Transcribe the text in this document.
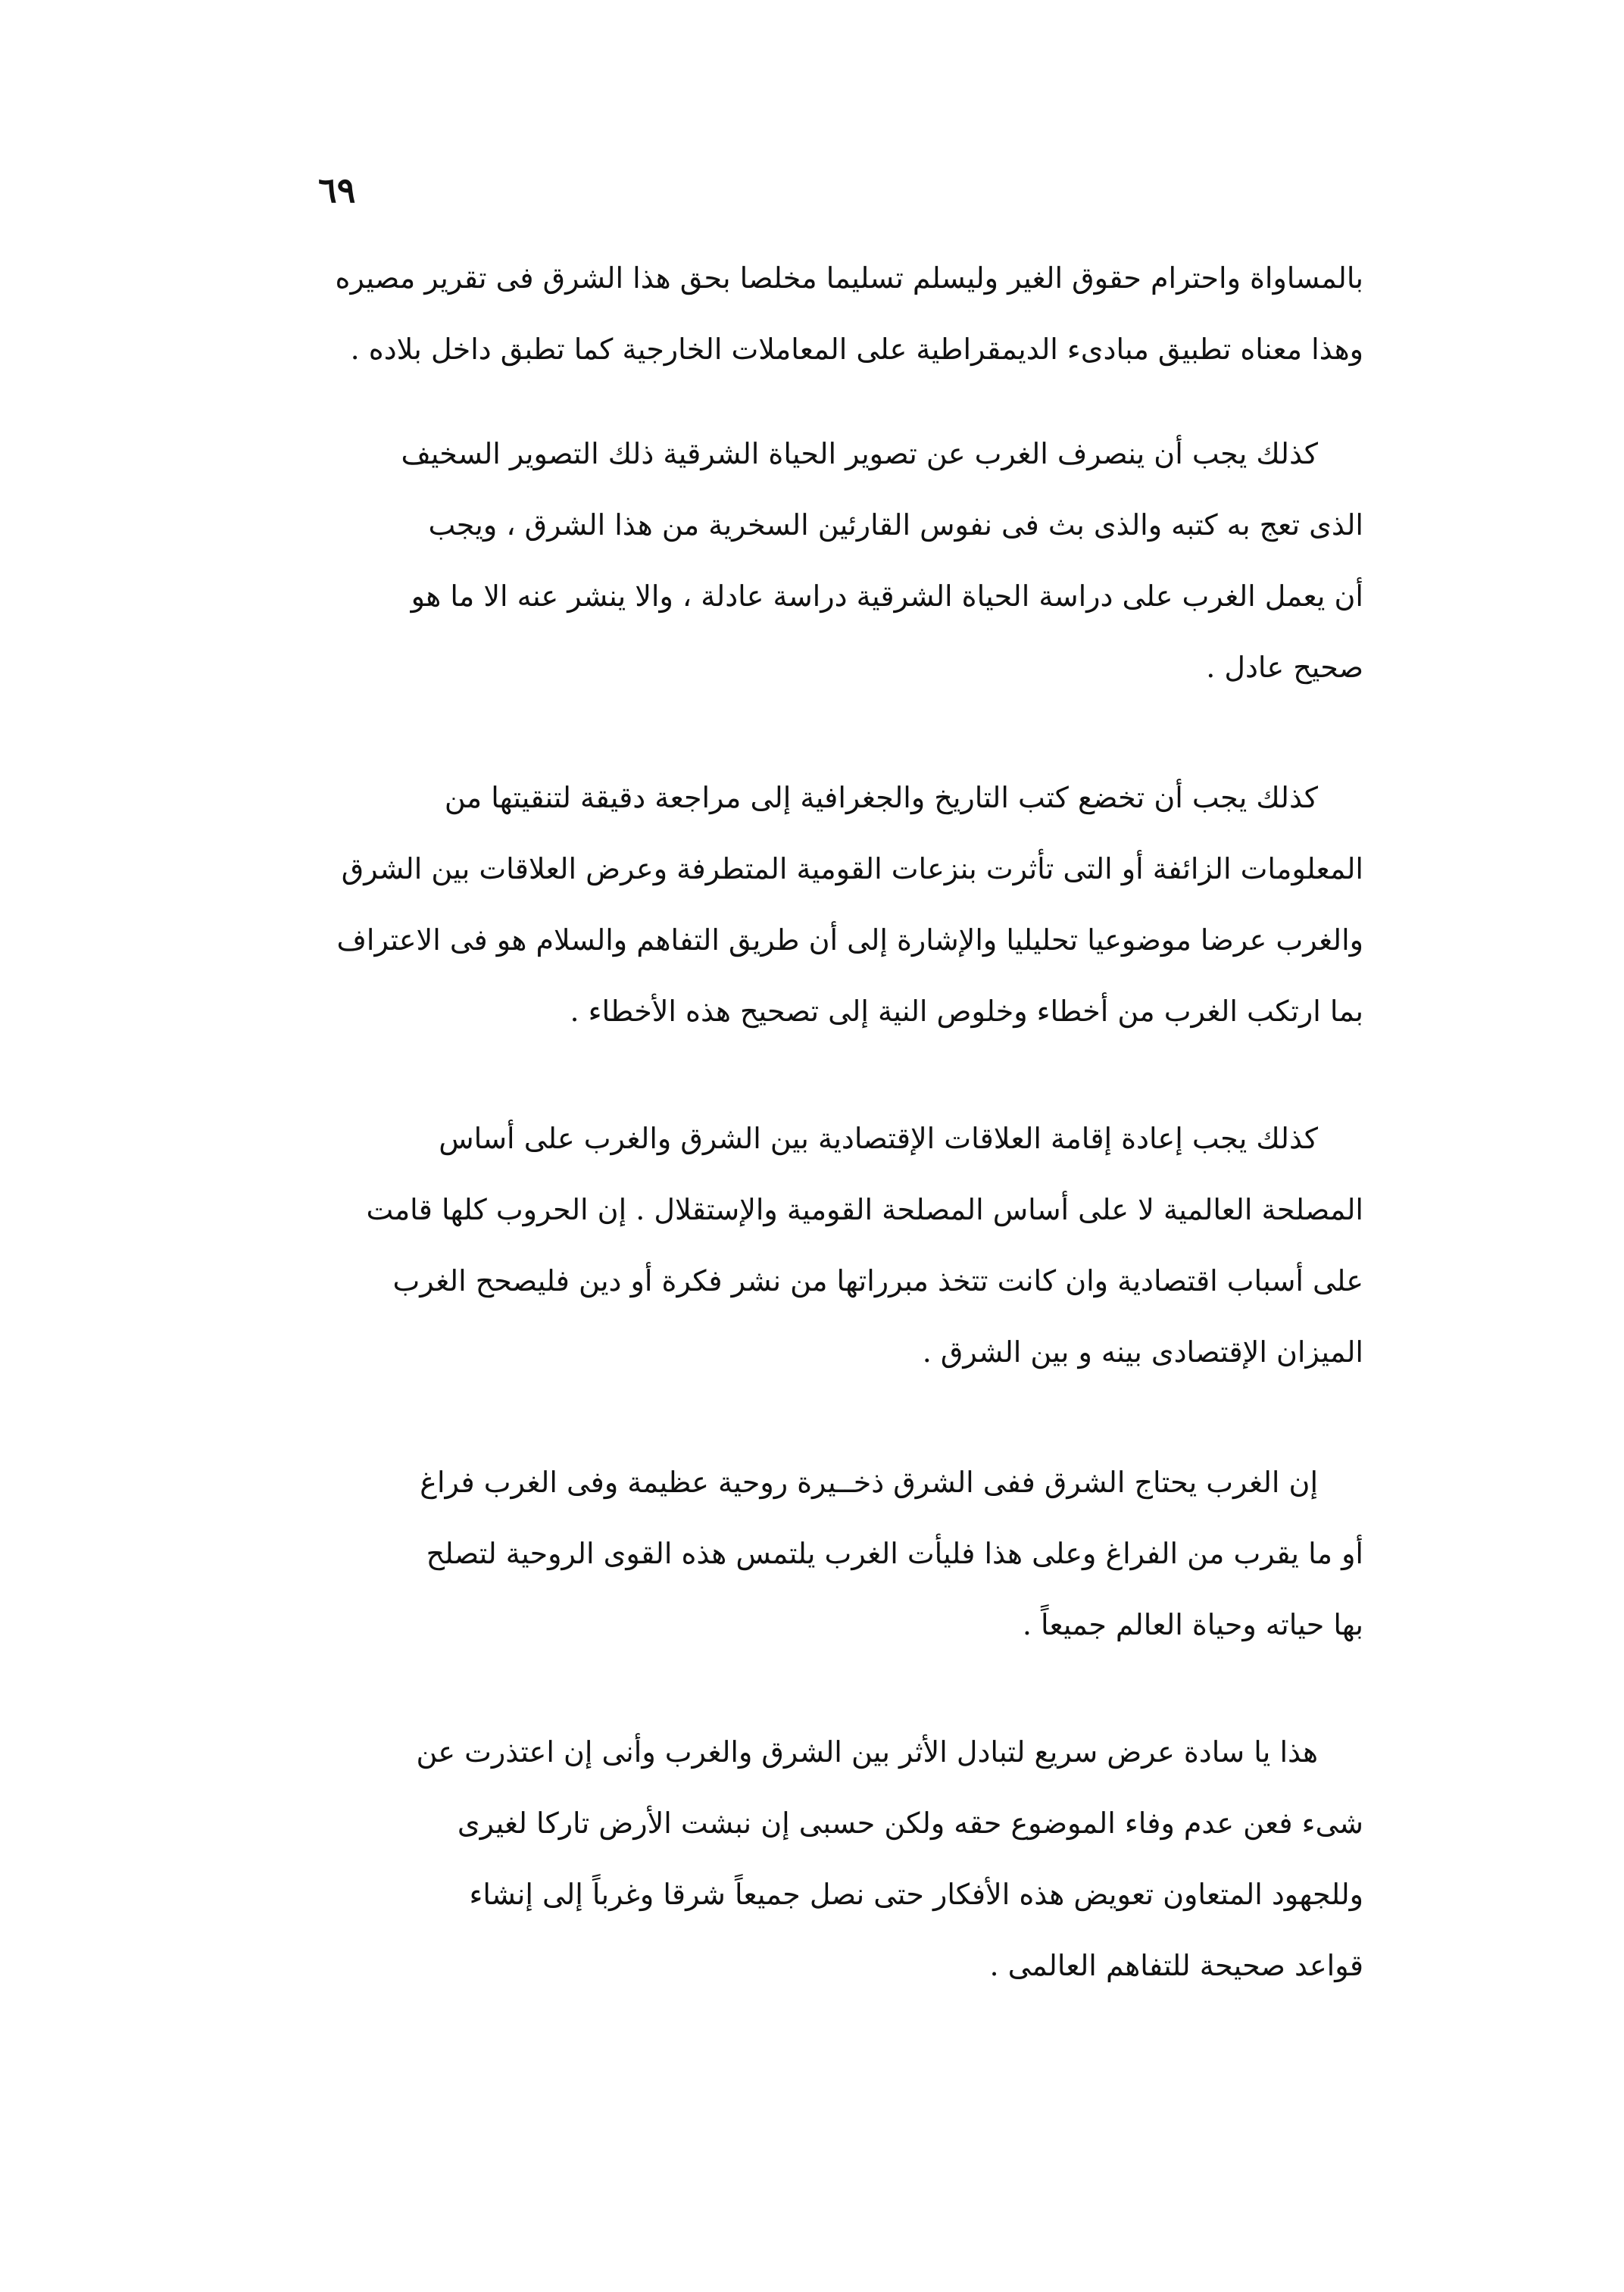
٦٩

بالمساواة واحترام حقوق الغير وليسلم تسليما مخلصا بحق هذا الشرق فى تقرير مصيره
وهذا معناه تطبيق مبادىء الديمقراطية على المعاملات الخارجية كما تطبق داخل بلاده .

كذلك يجب أن ينصرف الغرب عن تصوير الحياة الشرقية ذلك التصوير السخيف
الذى تعج به كتبه والذى بث فى نفوس القارئين السخرية من هذا الشرق ، ويجب
أن يعمل الغرب على دراسة الحياة الشرقية دراسة عادلة ، والا ينشر عنه الا ما هو
صحيح عادل .

كذلك يجب أن تخضع كتب التاريخ والجغرافية إلى مراجعة دقيقة لتنقيتها من
المعلومات الزائفة أو التى تأثرت بنزعات القومية المتطرفة وعرض العلاقات بين الشرق
والغرب عرضا موضوعيا تحليليا والإشارة إلى أن طريق التفاهم والسلام هو فى الاعتراف
بما ارتكب الغرب من أخطاء وخلوص النية إلى تصحيح هذه الأخطاء .

كذلك يجب إعادة إقامة العلاقات الإقتصادية بين الشرق والغرب على أساس
المصلحة العالمية لا على أساس المصلحة القومية والإستقلال . إن الحروب كلها قامت
على أسباب اقتصادية وان كانت تتخذ مبرراتها من نشر فكرة أو دين فليصحح الغرب
الميزان الإقتصادى بينه و بين الشرق .

إن الغرب يحتاج الشرق ففى الشرق ذخــيرة روحية عظيمة وفى الغرب فراغ
أو ما يقرب من الفراغ وعلى هذا فليأت الغرب يلتمس هذه القوى الروحية لتصلح
بها حياته وحياة العالم جميعاً .

هذا يا سادة عرض سريع لتبادل الأثر بين الشرق والغرب وأنى إن اعتذرت عن
شىء فعن عدم وفاء الموضوع حقه ولكن حسبى إن نبشت الأرض تاركا لغيرى
وللجهود المتعاون تعويض هذه الأفكار حتى نصل جميعاً شرقا وغرباً إلى إنشاء
قواعد صحيحة للتفاهم العالمى .
